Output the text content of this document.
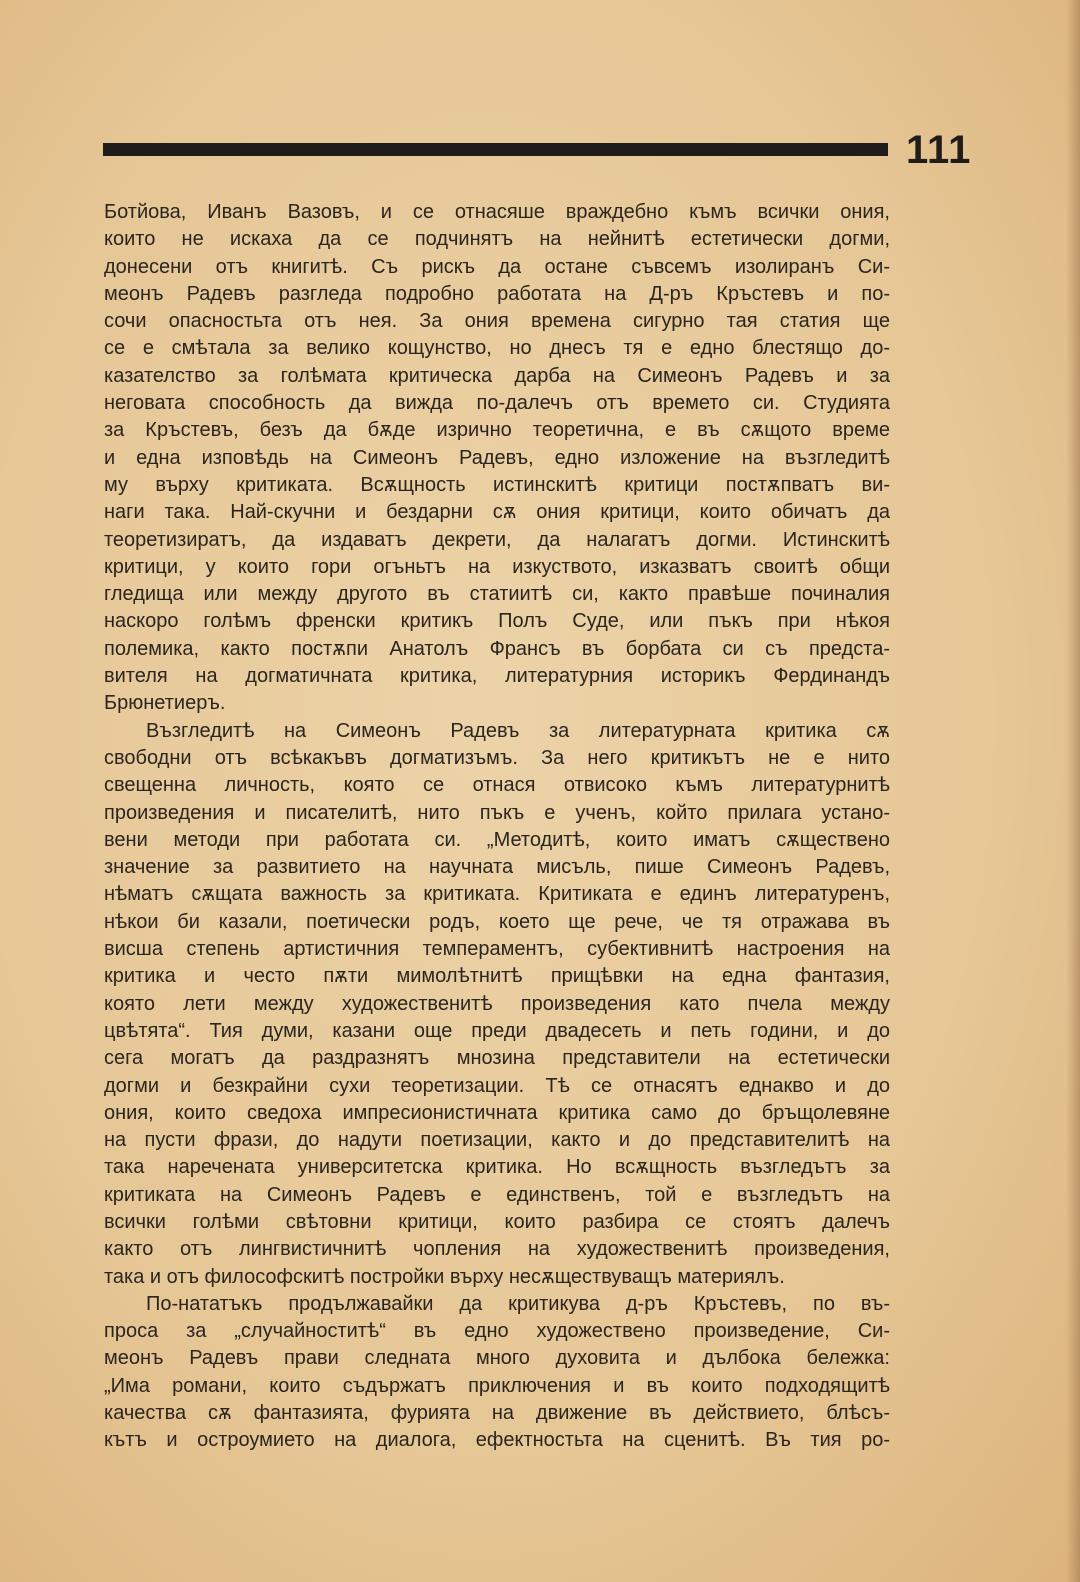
111
Ботйова, Иванъ Вазовъ, и се отнасяше враждебно къмъ всички ония,
които не искаха да се подчинятъ на нейнитѣ естетически догми,
донесени отъ книгитѣ. Съ рискъ да остане съвсемъ изолиранъ Си-
меонъ Радевъ разгледа подробно работата на Д-ръ Кръстевъ и по-
сочи опасностьта отъ нея. За ония времена сигурно тая статия ще
се е смѣтала за велико кощунство, но днесъ тя е едно блестящо до-
казателство за голѣмата критическа дарба на Симеонъ Радевъ и за
неговата способность да вижда по-далечъ отъ времето си. Студията
за Кръстевъ, безъ да бѫде изрично теоретична, е въ сѫщото време
и една изповѣдь на Симеонъ Радевъ, едно изложение на възгледитѣ
му върху критиката. Всѫщность истинскитѣ критици постѫпватъ ви-
наги така. Най-скучни и бездарни сѫ ония критици, които обичатъ да
теоретизиратъ, да издаватъ декрети, да налагатъ догми. Истинскитѣ
критици, у които гори огъньтъ на изкуството, изказватъ своитѣ общи
гледища или между другото въ статиитѣ си, както правѣше починалия
наскоро голѣмъ френски критикъ Полъ Суде, или пъкъ при нѣкоя
полемика, както постѫпи Анатолъ Франсъ въ борбата си съ предста-
вителя на догматичната критика, литературния историкъ Фердинандъ
Брюнетиеръ.
Възгледитѣ на Симеонъ Радевъ за литературната критика сѫ
свободни отъ всѣкакъвъ догматизъмъ. За него критикътъ не е нито
свещенна личность, която се отнася отвисоко къмъ литературнитѣ
произведения и писателитѣ, нито пъкъ е ученъ, който прилага устано-
вени методи при работата си. „Методитѣ, които иматъ сѫществено
значение за развитието на научната мисъль, пише Симеонъ Радевъ,
нѣматъ сѫщата важность за критиката. Критиката е единъ литературенъ,
нѣкои би казали, поетически родъ, което ще рече, че тя отражава въ
висша степень артистичния темпераментъ, субективнитѣ настроения на
критика и често пѫти мимолѣтнитѣ прищѣвки на една фантазия,
която лети между художественитѣ произведения като пчела между
цвѣтята“. Тия думи, казани още преди двадесеть и петь години, и до
сега могатъ да раздразнятъ мнозина представители на естетически
догми и безкрайни сухи теоретизации. Тѣ се отнасятъ еднакво и до
ония, които сведоха импресионистичната критика само до бръщолевяне
на пусти фрази, до надути поетизации, както и до представителитѣ на
така наречената университетска критика. Но всѫщность възгледътъ за
критиката на Симеонъ Радевъ е единственъ, той е възгледътъ на
всички голѣми свѣтовни критици, които разбира се стоятъ далечъ
както отъ лингвистичнитѣ чопления на художественитѣ произведения,
така и отъ философскитѣ постройки върху несѫществуващъ материялъ.
По-нататъкъ продължавайки да критикува д-ръ Кръстевъ, по въ-
проса за „случайноститѣ“ въ едно художествено произведение, Си-
меонъ Радевъ прави следната много духовита и дълбока бележка:
„Има романи, които съдържатъ приключения и въ които подходящитѣ
качества сѫ фантазията, фурията на движение въ действието, блѣсъ-
кътъ и остроумието на диалога, ефектностьта на сценитѣ. Въ тия ро-
